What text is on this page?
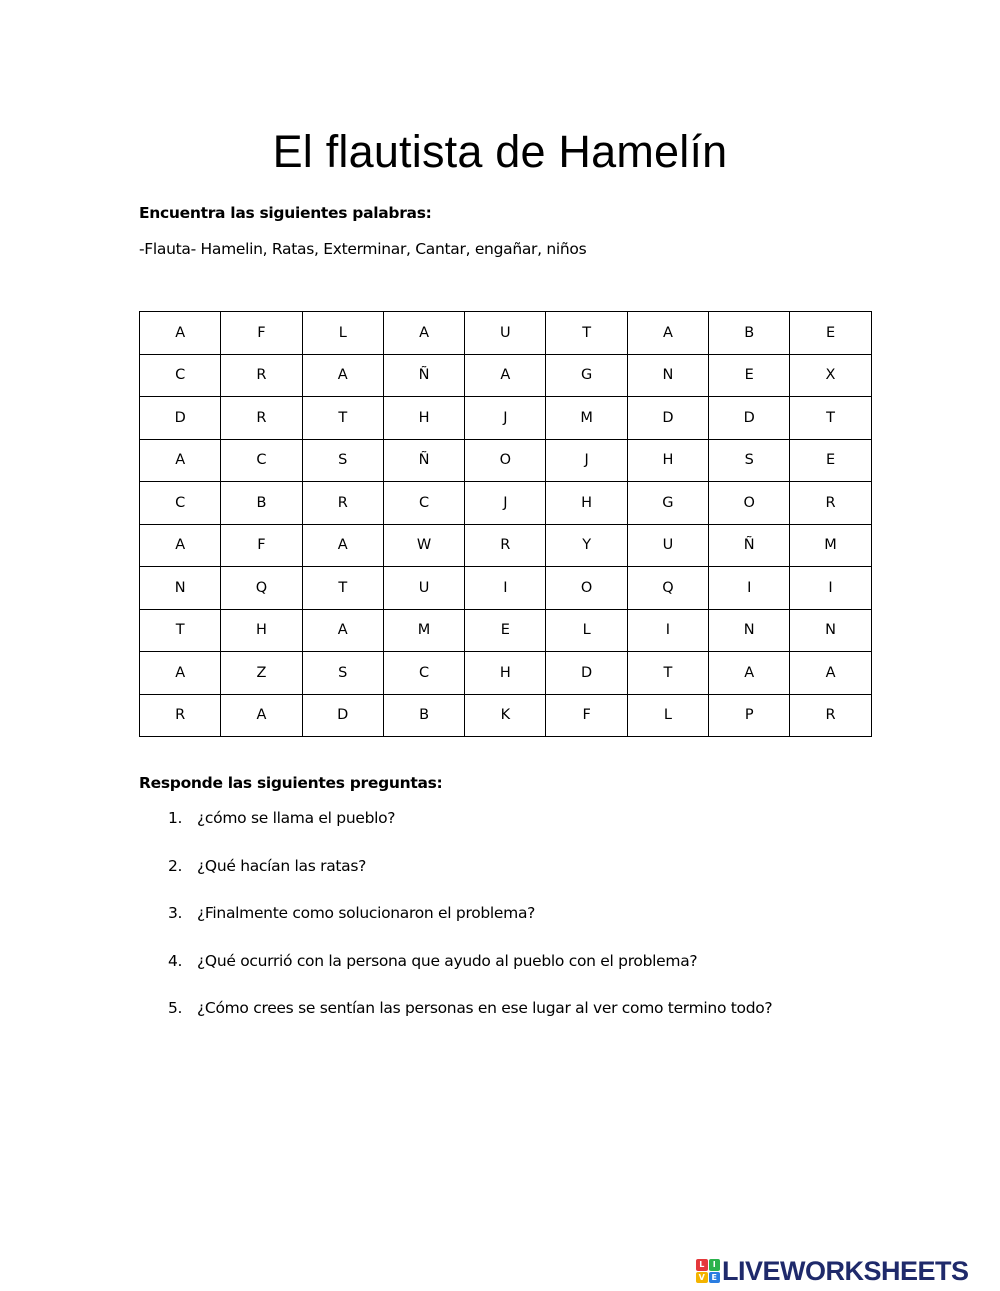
El flautista de Hamelín
Encuentra las siguientes palabras:
-Flauta- Hamelin, Ratas, Exterminar, Cantar, engañar, niños
A	F	L	A	U	T	A	B	E
C	R	A	Ñ	A	G	N	E	X
D	R	T	H	J	M	D	D	T
A	C	S	Ñ	O	J	H	S	E
C	B	R	C	J	H	G	O	R
A	F	A	W	R	Y	U	Ñ	M
N	Q	T	U	I	O	Q	I	I
T	H	A	M	E	L	I	N	N
A	Z	S	C	H	D	T	A	A
R	A	D	B	K	F	L	P	R
Responde las siguientes preguntas:
1. ¿cómo se llama el pueblo?
2. ¿Qué hacían las ratas?
3. ¿Finalmente como solucionaron el problema?
4. ¿Qué ocurrió con la persona que ayudo al pueblo con el problema?
5. ¿Cómo crees se sentían las personas en ese lugar al ver como termino todo?
L	I
V E LIVEWORKSHEETS
